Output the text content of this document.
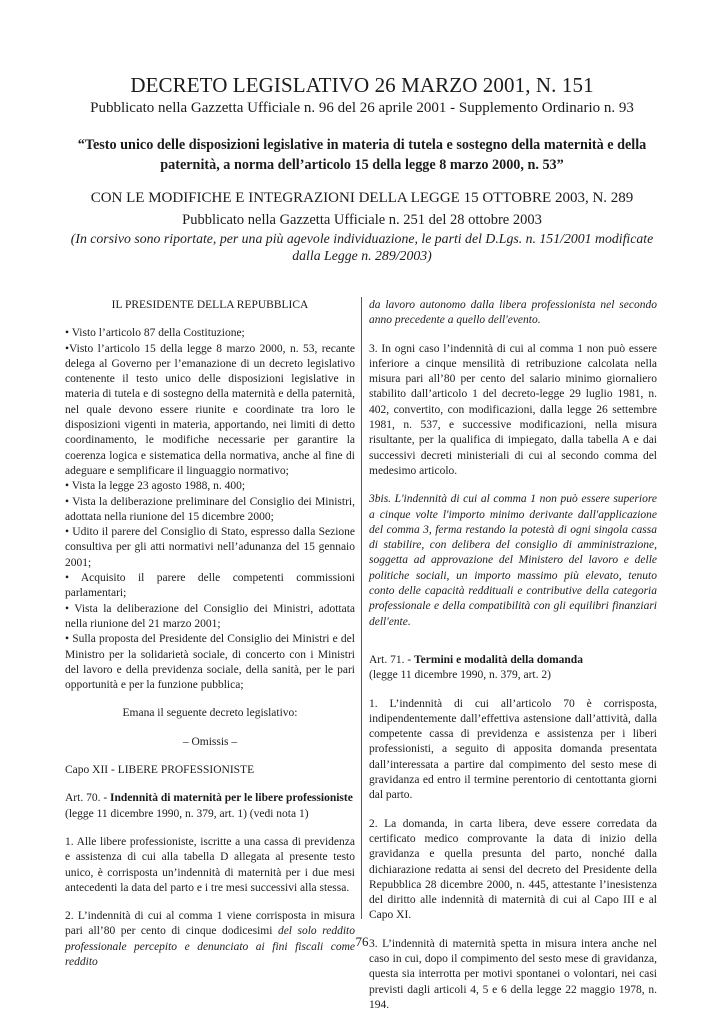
DECRETO LEGISLATIVO 26 MARZO 2001, N. 151
Pubblicato nella Gazzetta Ufficiale n. 96 del 26 aprile 2001 - Supplemento Ordinario n. 93
“Testo unico delle disposizioni legislative in materia di tutela e sostegno della maternità e della paternità, a norma dell’articolo 15 della legge 8 marzo 2000, n. 53”
CON LE MODIFICHE E INTEGRAZIONI DELLA LEGGE 15 OTTOBRE 2003, N. 289
Pubblicato nella Gazzetta Ufficiale n. 251 del 28 ottobre 2003
(In corsivo sono riportate, per una più agevole individuazione, le parti del D.Lgs. n. 151/2001 modificate dalla Legge n. 289/2003)

IL PRESIDENTE DELLA REPUBBLICA

• Visto l’articolo 87 della Costituzione;

•Visto l’articolo 15 della legge 8 marzo 2000, n. 53, recante delega al Governo per l’emanazione di un decreto legislativo contenente il testo unico delle disposizioni legislative in materia di tutela e di sostegno della maternità e della paternità, nel quale devono essere riunite e coordinate tra loro le disposizioni vigenti in materia, apportando, nei limiti di detto coordinamento, le modifiche necessarie per garantire la coerenza logica e sistematica della normativa, anche al fine di adeguare e semplificare il linguaggio normativo;

• Vista la legge 23 agosto 1988, n. 400;

• Vista la deliberazione preliminare del Consiglio dei Ministri, adottata nella riunione del 15 dicembre 2000;

• Udito il parere del Consiglio di Stato, espresso dalla Sezione consultiva per gli atti normativi nell’adunanza del 15 gennaio 2001;

• Acquisito il parere delle competenti commissioni parlamentari;

• Vista la deliberazione del Consiglio dei Ministri, adottata nella riunione del 21 marzo 2001;

• Sulla proposta del Presidente del Consiglio dei Ministri e del Ministro per la solidarietà sociale, di concerto con i Ministri del lavoro e della previdenza sociale, della sanità, per le pari opportunità e per la funzione pubblica;

Emana il seguente decreto legislativo:

– Omissis –

Capo XII - LIBERE PROFESSIONISTE

Art. 70. - Indennità di maternità per le libere professioniste

(legge 11 dicembre 1990, n. 379, art. 1) (vedi nota 1)

1. Alle libere professioniste, iscritte a una cassa di previdenza e assistenza di cui alla tabella D allegata al presente testo unico, è corrisposta un’indennità di maternità per i due mesi antecedenti la data del parto e i tre mesi successivi alla stessa.

2. L’indennità di cui al comma 1 viene corrisposta in misura pari all’80 per cento di cinque dodicesimi del solo reddito professionale percepito e denunciato ai fini fiscali come reddito

da lavoro autonomo dalla libera professionista nel secondo anno precedente a quello dell'evento.

3. In ogni caso l’indennità di cui al comma 1 non può essere inferiore a cinque mensilità di retribuzione calcolata nella misura pari all’80 per cento del salario minimo giornaliero stabilito dall’articolo 1 del decreto-legge 29 luglio 1981, n. 402, convertito, con modificazioni, dalla legge 26 settembre 1981, n. 537, e successive modificazioni, nella misura risultante, per la qualifica di impiegato, dalla tabella A e dai successivi decreti ministeriali di cui al secondo comma del medesimo articolo.

3bis. L'indennità di cui al comma 1 non può essere superiore a cinque volte l'importo minimo derivante dall'applicazione del comma 3, ferma restando la potestà di ogni singola cassa di stabilire, con delibera del consiglio di amministrazione, soggetta ad approvazione del Ministero del lavoro e delle politiche sociali, un importo massimo più elevato, tenuto conto delle capacità reddituali e contributive della categoria professionale e della compatibilità con gli equilibri finanziari dell'ente.

Art. 71. - Termini e modalità della domanda

(legge 11 dicembre 1990, n. 379, art. 2)

1. L’indennità di cui all’articolo 70 è corrisposta, indipendentemente dall’effettiva astensione dall’attività, dalla competente cassa di previdenza e assistenza per i liberi professionisti, a seguito di apposita domanda presentata dall’interessata a partire dal compimento del sesto mese di gravidanza ed entro il termine perentorio di centottanta giorni dal parto.

2. La domanda, in carta libera, deve essere corredata da certificato medico comprovante la data di inizio della gravidanza e quella presunta del parto, nonché dalla dichiarazione redatta ai sensi del decreto del Presidente della Repubblica 28 dicembre 2000, n. 445, attestante l’inesistenza del diritto alle indennità di maternità di cui al Capo III e al Capo XI.

3. L’indennità di maternità spetta in misura intera anche nel caso in cui, dopo il compimento del sesto mese di gravidanza, questa sia interrotta per motivi spontanei o volontari, nei casi previsti dagli articoli 4, 5 e 6 della legge 22 maggio 1978, n. 194.

76
